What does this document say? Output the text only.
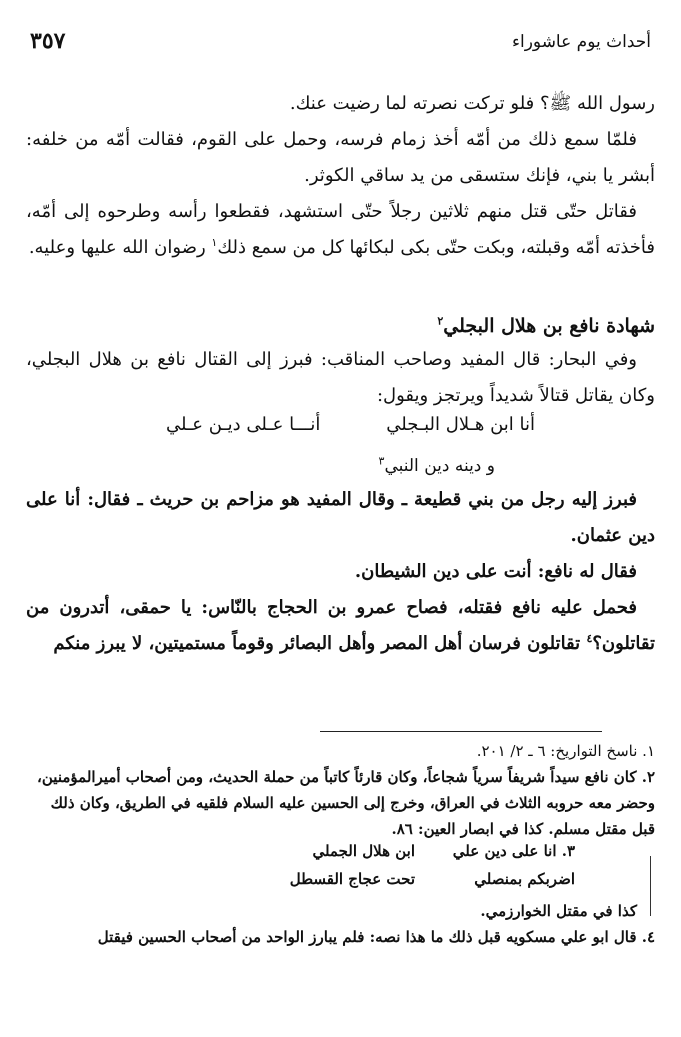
٣٥٧	أحداث يوم عاشوراء

رسول الله ﷺ؟ فلو تركت نصرته لما رضيت عنك.

فلمّا سمع ذلك من أمّه أخذ زمام فرسه، وحمل على القوم، فقالت أمّه من خلفه: أبشر يا بني، فإنك ستسقى من يد ساقي الكوثر.

فقاتل حتّى قتل منهم ثلاثين رجلاً حتّى استشهد، فقطعوا رأسه وطرحوه إلى أمّه، فأخذته أمّه وقبلته، وبكت حتّى بكى لبكائها كل من سمع ذلك$^١$ رضوان الله عليها وعليه.

شهادة نافع بن هلال البجلي$^٢$

وفي البحار: قال المفيد وصاحب المناقب: فبرز إلى القتال نافع بن هلال البجلي، وكان يقاتل قتالاً شديداً ويرتجز ويقول:

أنا ابن هـلال البـجلي
أنـــا عـلى ديـن عـلي
و دينه دين النبي$^٣$

فبرز إليه رجل من بني قطيعة ـ وقال المفيد هو مزاحم بن حريث ـ فقال: أنا على دين عثمان.

فقال له نافع: أنت على دين الشيطان.

فحمل عليه نافع فقتله، فصاح عمرو بن الحجاج بالنّاس: يا حمقى، أتدرون من تقاتلون؟$^٤$ تقاتلون فرسان أهل المصر وأهل البصائر وقوماً مستميتين، لا يبرز منكم

١. ناسخ التواريخ: ٦ ـ ٢/ ٢٠١.

٢. كان نافع سيداً شريفاً سرياً شجاعاً، وكان قارئاً كاتباً من حملة الحديث، ومن أصحاب أميرالمؤمنين، وحضر معه حروبه الثلاث في العراق، وخرج إلى الحسين عليه السلام فلقيه في الطريق، وكان ذلك قبل مقتل مسلم. كذا في ابصار العين: ٨٦.

٣. انا على دين علي
ابن هلال الجملي
اضربكم بمنصلي
تحت عجاج القسطل

كذا في مقتل الخوارزمي.

٤. قال ابو علي مسكويه قبل ذلك ما هذا نصه: فلم يبارز الواحد من أصحاب الحسين فيقتل
